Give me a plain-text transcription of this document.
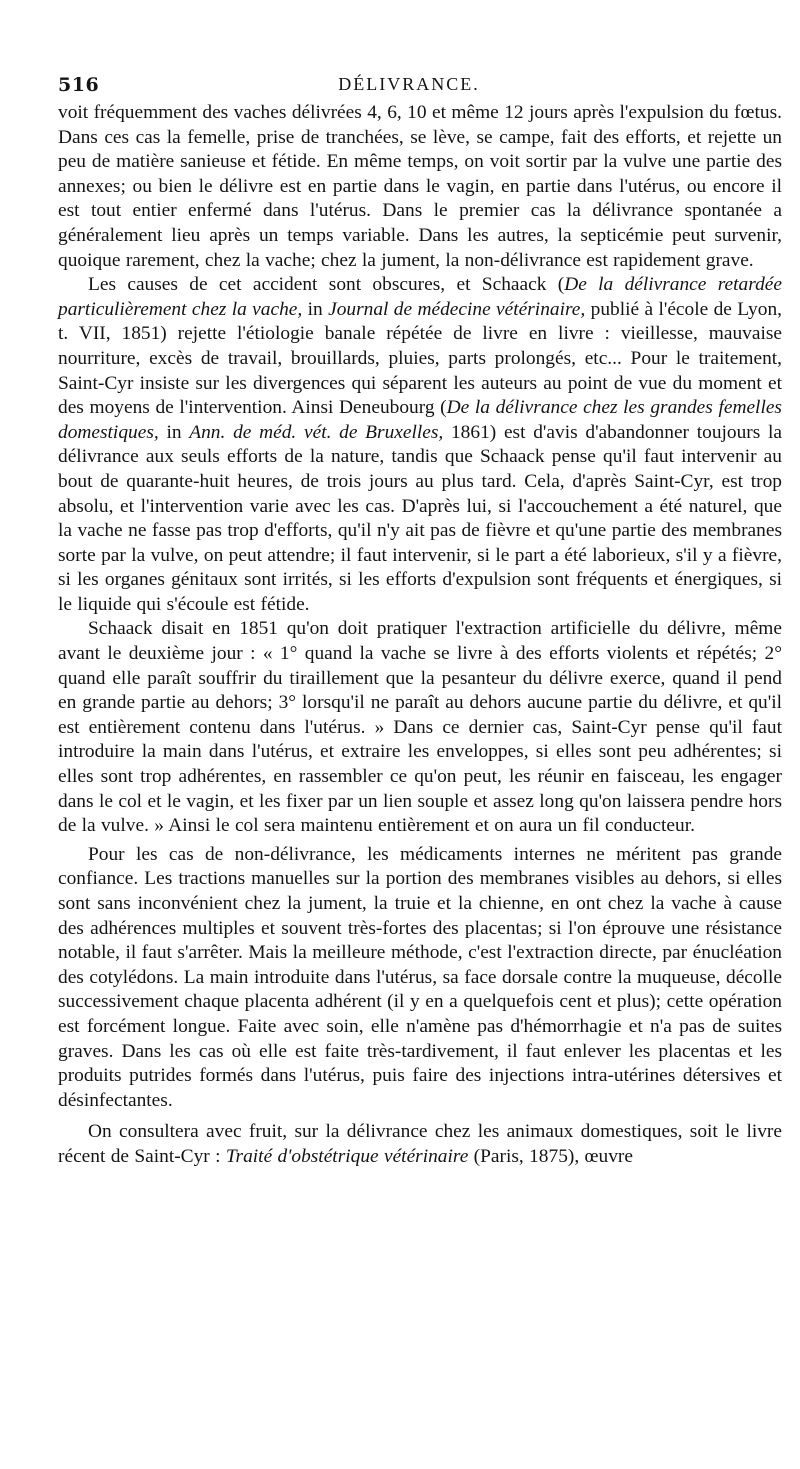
516	DÉLIVRANCE.

voit fréquemment des vaches délivrées 4, 6, 10 et même 12 jours après l'expulsion du fœtus. Dans ces cas la femelle, prise de tranchées, se lève, se campe, fait des efforts, et rejette un peu de matière sanieuse et fétide. En même temps, on voit sortir par la vulve une partie des annexes; ou bien le délivre est en partie dans le vagin, en partie dans l'utérus, ou encore il est tout entier enfermé dans l'utérus. Dans le premier cas la délivrance spontanée a généralement lieu après un temps variable. Dans les autres, la septicémie peut survenir, quoique rarement, chez la vache; chez la jument, la non-délivrance est rapidement grave.

Les causes de cet accident sont obscures, et Schaack (De la délivrance retardée particulièrement chez la vache, in Journal de médecine vétérinaire, publié à l'école de Lyon, t. VII, 1851) rejette l'étiologie banale répétée de livre en livre : vieillesse, mauvaise nourriture, excès de travail, brouillards, pluies, parts prolongés, etc... Pour le traitement, Saint-Cyr insiste sur les divergences qui séparent les auteurs au point de vue du moment et des moyens de l'intervention. Ainsi Deneubourg (De la délivrance chez les grandes femelles domestiques, in Ann. de méd. vét. de Bruxelles, 1861) est d'avis d'abandonner toujours la délivrance aux seuls efforts de la nature, tandis que Schaack pense qu'il faut intervenir au bout de quarante-huit heures, de trois jours au plus tard. Cela, d'après Saint-Cyr, est trop absolu, et l'intervention varie avec les cas. D'après lui, si l'accouchement a été naturel, que la vache ne fasse pas trop d'efforts, qu'il n'y ait pas de fièvre et qu'une partie des membranes sorte par la vulve, on peut attendre; il faut intervenir, si le part a été laborieux, s'il y a fièvre, si les organes génitaux sont irrités, si les efforts d'expulsion sont fréquents et énergiques, si le liquide qui s'écoule est fétide.

Schaack disait en 1851 qu'on doit pratiquer l'extraction artificielle du délivre, même avant le deuxième jour : « 1° quand la vache se livre à des efforts violents et répétés; 2° quand elle paraît souffrir du tiraillement que la pesanteur du délivre exerce, quand il pend en grande partie au dehors; 3° lorsqu'il ne paraît au dehors aucune partie du délivre, et qu'il est entièrement contenu dans l'utérus. » Dans ce dernier cas, Saint-Cyr pense qu'il faut introduire la main dans l'utérus, et extraire les enveloppes, si elles sont peu adhérentes; si elles sont trop adhérentes, en rassembler ce qu'on peut, les réunir en faisceau, les engager dans le col et le vagin, et les fixer par un lien souple et assez long qu'on laissera pendre hors de la vulve. » Ainsi le col sera maintenu entièrement et on aura un fil conducteur.

Pour les cas de non-délivrance, les médicaments internes ne méritent pas grande confiance. Les tractions manuelles sur la portion des membranes visibles au dehors, si elles sont sans inconvénient chez la jument, la truie et la chienne, en ont chez la vache à cause des adhérences multiples et souvent très-fortes des placentas; si l'on éprouve une résistance notable, il faut s'arrêter. Mais la meilleure méthode, c'est l'extraction directe, par énucléation des cotylédons. La main introduite dans l'utérus, sa face dorsale contre la muqueuse, décolle successivement chaque placenta adhérent (il y en a quelquefois cent et plus); cette opération est forcément longue. Faite avec soin, elle n'amène pas d'hémorrhagie et n'a pas de suites graves. Dans les cas où elle est faite très-tardivement, il faut enlever les placentas et les produits putrides formés dans l'utérus, puis faire des injections intra-utérines détersives et désinfectantes.

On consultera avec fruit, sur la délivrance chez les animaux domestiques, soit le livre récent de Saint-Cyr : Traité d'obstétrique vétérinaire (Paris, 1875), œuvre
